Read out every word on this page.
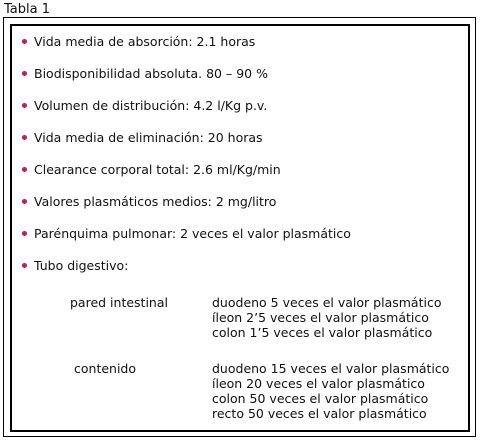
Tabla 1
Vida media de absorción: 2.1 horas
Biodisponibilidad absoluta. 80 – 90 %
Volumen de distribución: 4.2 l/Kg p.v.
Vida media de eliminación: 20 horas
Clearance corporal total: 2.6 ml/Kg/min
Valores plasmáticos medios: 2 mg/litro
Parénquima pulmonar: 2 veces el valor plasmático
Tubo digestivo:
pared intestinal	duodeno 5 veces el valor plasmático
íleon 2’5 veces el valor plasmático
colon 1’5 veces el valor plasmático
contenido	duodeno 15 veces el valor plasmático
íleon 20 veces el valor plasmático
colon 50 veces el valor plasmático
recto 50 veces el valor plasmático
